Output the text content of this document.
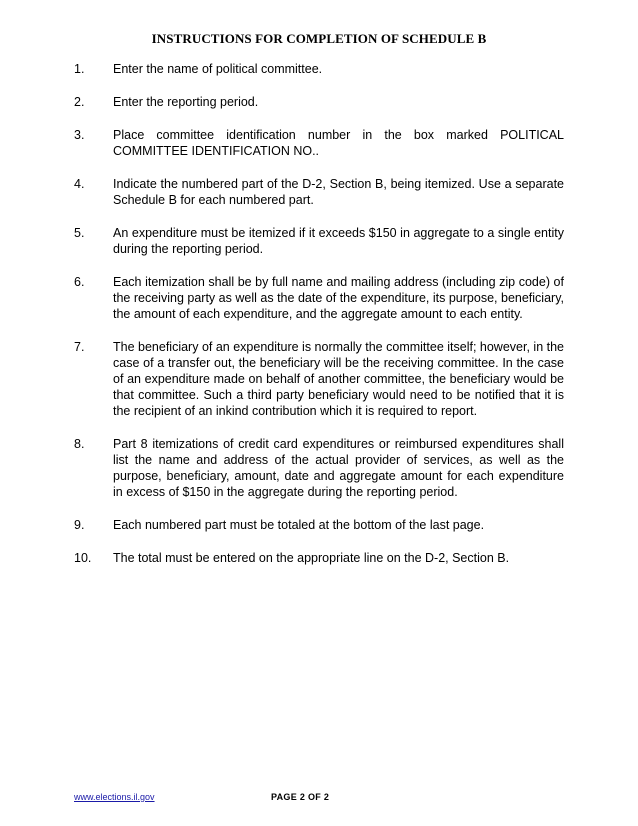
INSTRUCTIONS FOR COMPLETION OF SCHEDULE B
1.	Enter the name of political committee.
2.	Enter the reporting period.
3.	Place committee identification number in the box marked POLITICAL COMMITTEE IDENTIFICATION NO..
4.	Indicate the numbered part of the D-2, Section B, being itemized. Use a separate Schedule B for each numbered part.
5.	An expenditure must be itemized if it exceeds $150 in aggregate to a single entity during the reporting period.
6.	Each itemization shall be by full name and mailing address (including zip code) of the receiving party as well as the date of the expenditure, its purpose, beneficiary, the amount of each expenditure, and the aggregate amount to each entity.
7.	The beneficiary of an expenditure is normally the committee itself; however, in the case of a transfer out, the beneficiary will be the receiving committee. In the case of an expenditure made on behalf of another committee, the beneficiary would be that committee. Such a third party beneficiary would need to be notified that it is the recipient of an inkind contribution which it is required to report.
8.	Part 8 itemizations of credit card expenditures or reimbursed expenditures shall list the name and address of the actual provider of services, as well as the purpose, beneficiary, amount, date and aggregate amount for each expenditure in excess of $150 in the aggregate during the reporting period.
9.	Each numbered part must be totaled at the bottom of the last page.
10.	The total must be entered on the appropriate line on the D-2, Section B.
www.elections.il.gov	PAGE 2 OF 2
